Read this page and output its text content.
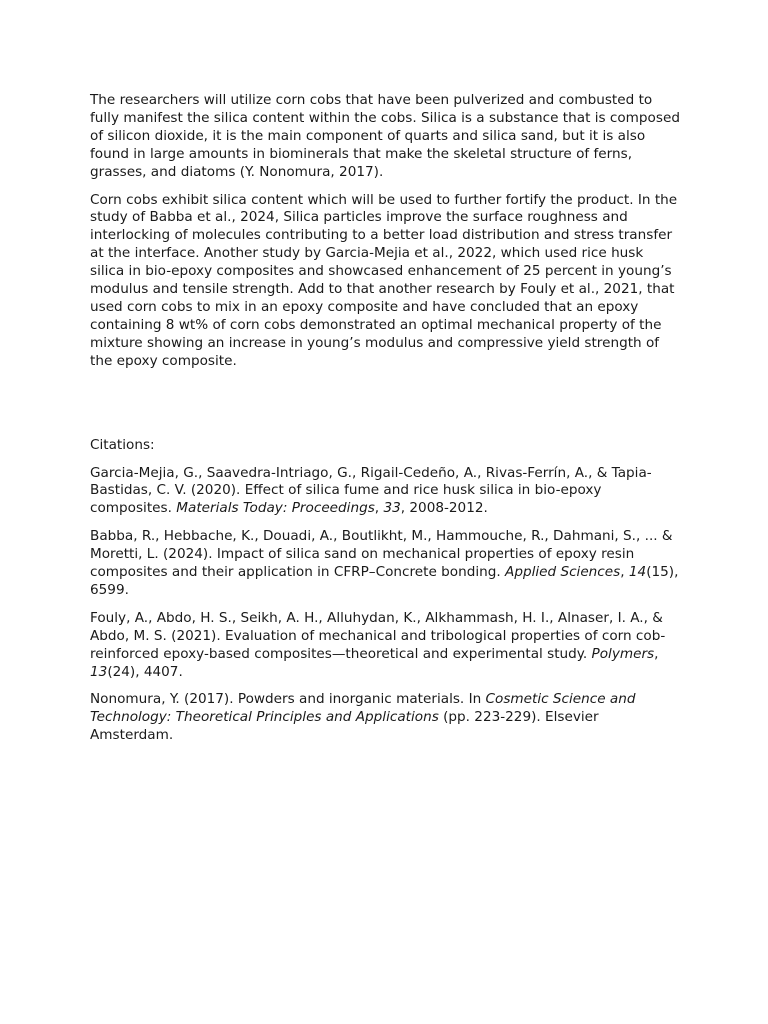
The researchers will utilize corn cobs that have been pulverized and combusted to fully manifest the silica content within the cobs. Silica is a substance that is composed of silicon dioxide, it is the main component of quarts and silica sand, but it is also found in large amounts in biominerals that make the skeletal structure of ferns, grasses, and diatoms (Y. Nonomura, 2017).

Corn cobs exhibit silica content which will be used to further fortify the product. In the study of Babba et al., 2024, Silica particles improve the surface roughness and interlocking of molecules contributing to a better load distribution and stress transfer at the interface. Another study by Garcia-Mejia et al., 2022, which used rice husk silica in bio-epoxy composites and showcased enhancement of 25 percent in young’s modulus and tensile strength. Add to that another research by Fouly et al., 2021, that used corn cobs to mix in an epoxy composite and have concluded that an epoxy containing 8 wt% of corn cobs demonstrated an optimal mechanical property of the mixture showing an increase in young’s modulus and compressive yield strength of the epoxy composite.

Citations:

Garcia-Mejia, G., Saavedra-Intriago, G., Rigail-Cedeño, A., Rivas-Ferrín, A., & Tapia-Bastidas, C. V. (2020). Effect of silica fume and rice husk silica in bio-epoxy composites. Materials Today: Proceedings, 33, 2008-2012.

Babba, R., Hebbache, K., Douadi, A., Boutlikht, M., Hammouche, R., Dahmani, S., ... & Moretti, L. (2024). Impact of silica sand on mechanical properties of epoxy resin composites and their application in CFRP–Concrete bonding. Applied Sciences, 14(15), 6599.

Fouly, A., Abdo, H. S., Seikh, A. H., Alluhydan, K., Alkhammash, H. I., Alnaser, I. A., & Abdo, M. S. (2021). Evaluation of mechanical and tribological properties of corn cob-reinforced epoxy-based composites—theoretical and experimental study. Polymers, 13(24), 4407.

Nonomura, Y. (2017). Powders and inorganic materials. In Cosmetic Science and Technology: Theoretical Principles and Applications (pp. 223-229). Elsevier Amsterdam.
